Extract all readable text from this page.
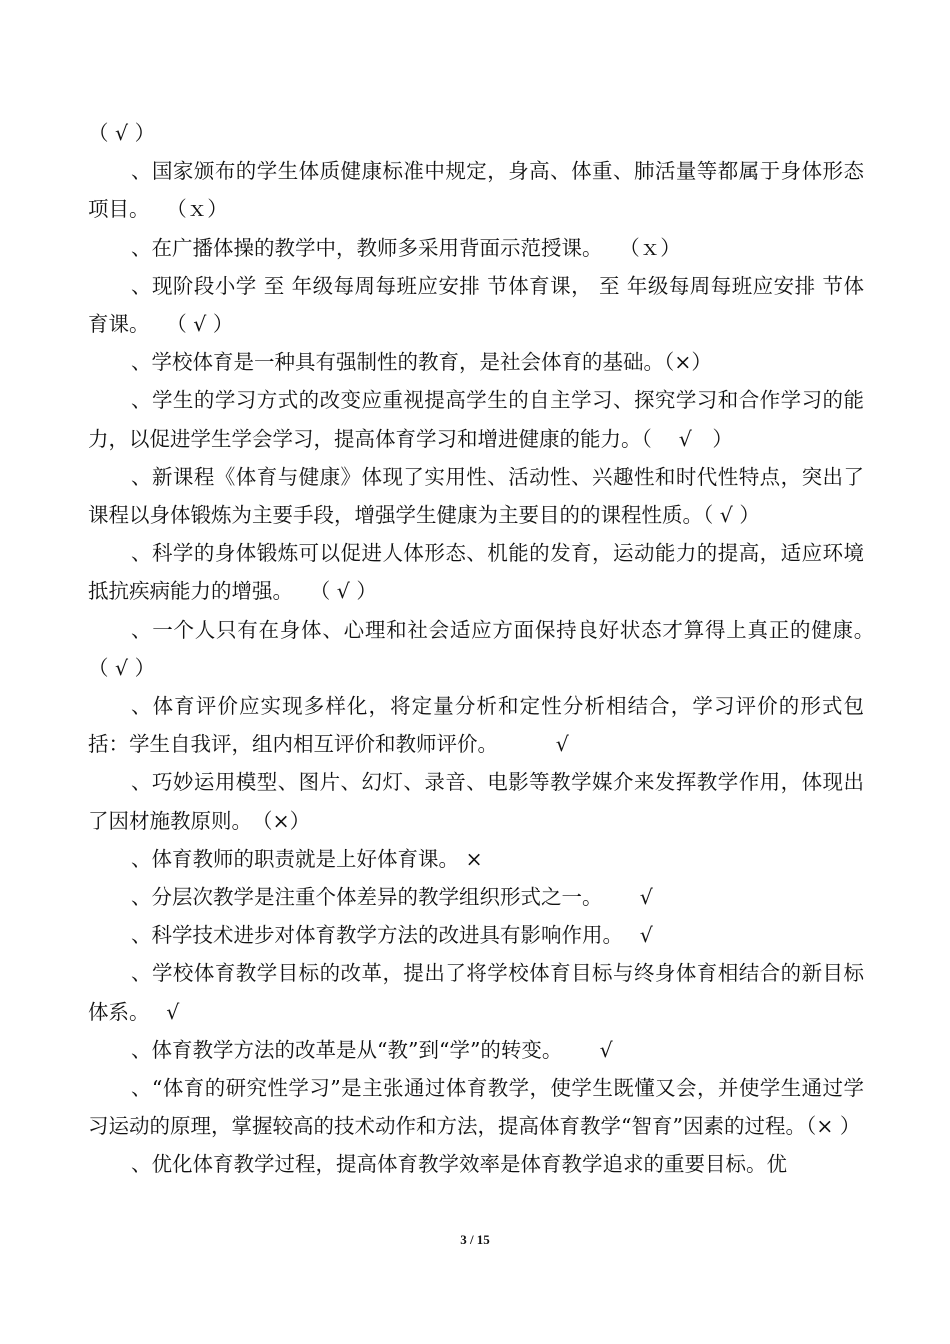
（ √ ）

、国家颁布的学生体质健康标准中规定，身高、体重、肺活量等都属于身体形态项目。　 （ｘ）

、在广播体操的教学中，教师多采用背面示范授课。　 （ｘ）

、现阶段小学 至 年级每周每班应安排 节体育课， 至 年级每周每班应安排 节体育课。　 （ √ ）

、学校体育是一种具有强制性的教育，是社会体育的基础。（×）

、学生的学习方式的改变应重视提高学生的自主学习、探究学习和合作学习的能力，以促进学生学会学习，提高体育学习和增进健康的能力。（　 √　）

、新课程《体育与健康》体现了实用性、活动性、兴趣性和时代性特点，突出了课程以身体锻炼为主要手段，增强学生健康为主要目的的课程性质。（ √ ）

、科学的身体锻炼可以促进人体形态、机能的发育，运动能力的提高，适应环境抵抗疾病能力的增强。　 （ √ ）

、一个人只有在身体、心理和社会适应方面保持良好状态才算得上真正的健康。　　（ √ ）

、体育评价应实现多样化，将定量分析和定性分析相结合，学习评价的形式包括：学生自我评，组内相互评价和教师评价。　　　 √

、巧妙运用模型、图片、幻灯、录音、电影等教学媒介来发挥教学作用，体现出了因材施教原则。　（×）

、体育教师的职责就是上好体育课。 ×

、分层次教学是注重个体差异的教学组织形式之一。　　 √

、科学技术进步对体育教学方法的改进具有影响作用。　 √

、学校体育教学目标的改革，提出了将学校体育目标与终身体育相结合的新目标体系。　 √

、体育教学方法的改革是从“教”到“学”的转变。　　 √

、“体育的研究性学习”是主张通过体育教学，使学生既懂又会，并使学生通过学习运动的原理，掌握较高的技术动作和方法，提高体育教学“智育”因素的过程。（× ）

、优化体育教学过程，提高体育教学效率是体育教学追求的重要目标。优

3 / 15
